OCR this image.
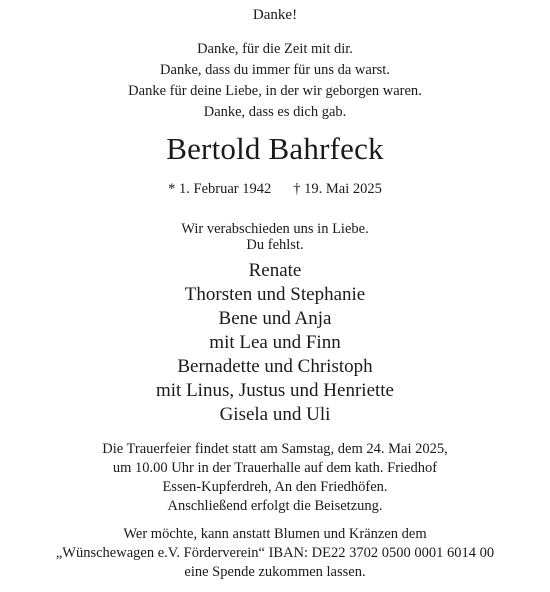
Danke!
Danke, für die Zeit mit dir.
Danke, dass du immer für uns da warst.
Danke für deine Liebe, in der wir geborgen waren.
Danke, dass es dich gab.
Bertold Bahrfeck
* 1. Februar 1942 † 19. Mai 2025
Wir verabschieden uns in Liebe.
Du fehlst.
Renate
Thorsten und Stephanie
Bene und Anja
mit Lea und Finn
Bernadette und Christoph
mit Linus, Justus und Henriette
Gisela und Uli
Die Trauerfeier findet statt am Samstag, dem 24. Mai 2025,
um 10.00 Uhr in der Trauerhalle auf dem kath. Friedhof
Essen-Kupferdreh, An den Friedhöfen.
Anschließend erfolgt die Beisetzung.
Wer möchte, kann anstatt Blumen und Kränzen dem
„Wünschewagen e.V. Förderverein“ IBAN: DE22 3702 0500 0001 6014 00
eine Spende zukommen lassen.
